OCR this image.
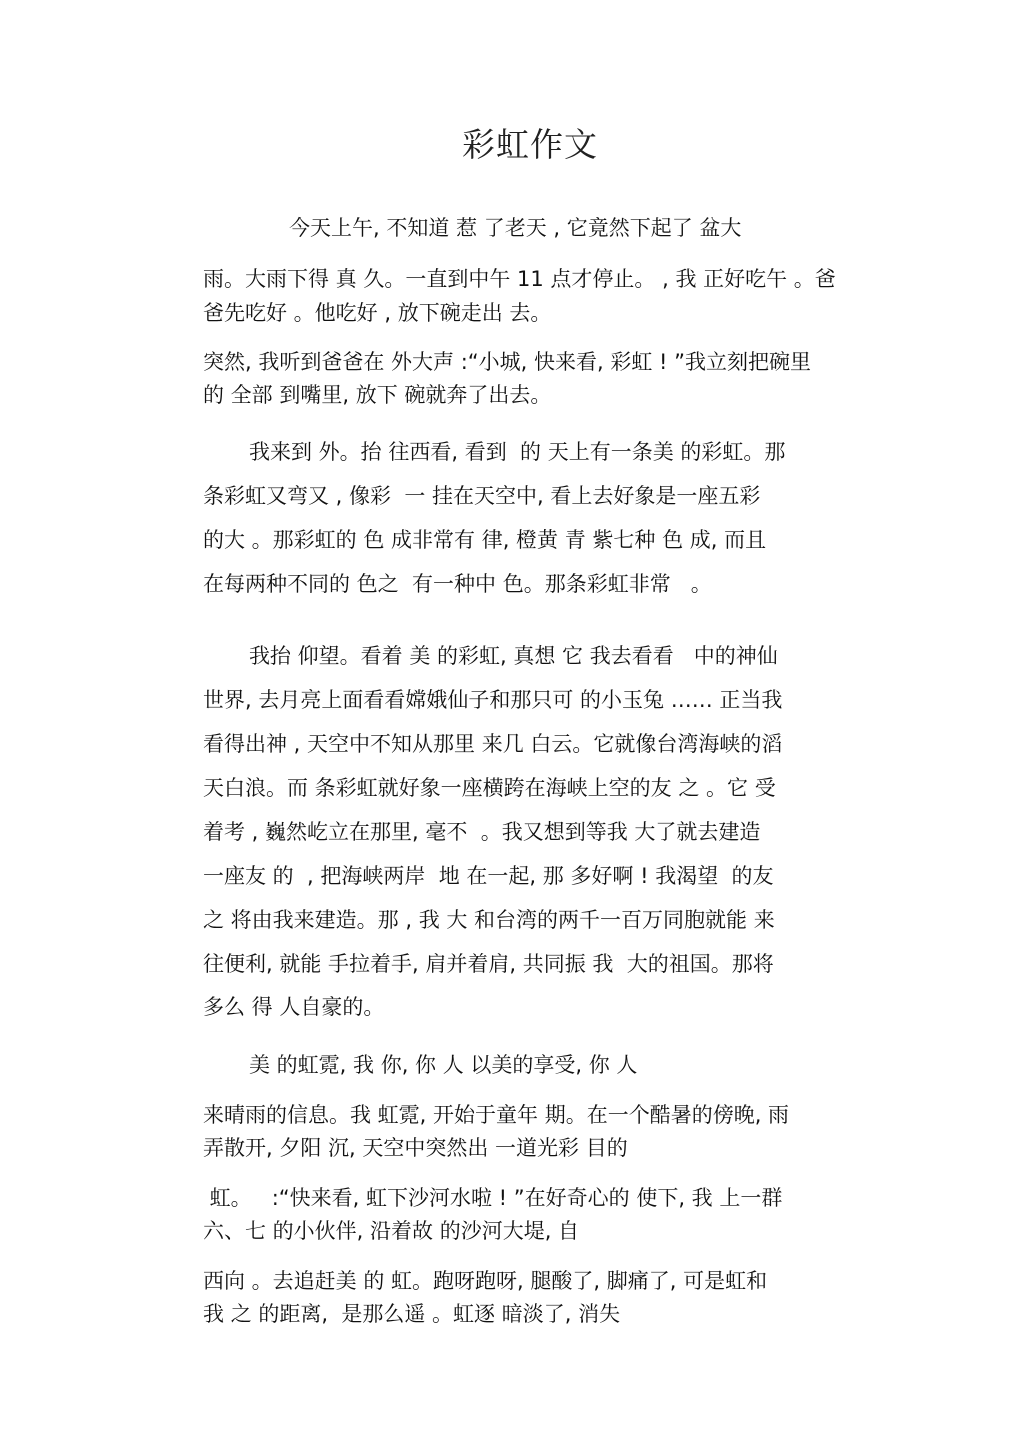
彩虹作文
今天上午, 不知道 惹 了老天 , 它竟然下起了 盆大
雨。大雨下得 真 久。一直到中午 11 点才停止。 , 我 正好吃午 。爸
爸先吃好 。他吃好 , 放下碗走出 去。
突然, 我听到爸爸在 外大声 :“小城, 快来看, 彩虹 ! ”我立刻把碗里
的 全部 到嘴里, 放下 碗就奔了出去。
我来到 外。抬 往西看, 看到  的 天上有一条美 的彩虹。那
条彩虹又弯又 , 像彩  一 挂在天空中, 看上去好象是一座五彩
的大 。那彩虹的 色 成非常有 律, 橙黄 青 紫七种 色 成, 而且
在每两种不同的 色之  有一种中 色。那条彩虹非常   。
我抬 仰望。看着 美 的彩虹, 真想 它 我去看看   中的神仙
世界, 去月亮上面看看嫦娥仙子和那只可 的小玉兔 …… 正当我
看得出神 , 天空中不知从那里 来几 白云。它就像台湾海峡的滔
天白浪。而 条彩虹就好象一座横跨在海峡上空的友 之 。它 受
着考 , 巍然屹立在那里, 毫不  。我又想到等我 大了就去建造
一座友 的  , 把海峡两岸  地 在一起, 那 多好啊 ! 我渴望  的友
之 将由我来建造。那 , 我 大 和台湾的两千一百万同胞就能 来
往便利, 就能 手拉着手, 肩并着肩, 共同振 我  大的祖国。那将
多么 得 人自豪的。
美 的虹霓, 我 你, 你 人 以美的享受, 你 人
来晴雨的信息。我 虹霓, 开始于童年 期。在一个酷暑的傍晚, 雨
弄散开, 夕阳 沉, 天空中突然出 一道光彩 目的
虹。   :“快来看, 虹下沙河水啦 ! ”在好奇心的 使下, 我 上一群
六、七 的小伙伴, 沿着故 的沙河大堤, 自
西向 。去追赶美 的 虹。跑呀跑呀, 腿酸了, 脚痛了, 可是虹和
我 之 的距离,  是那么遥 。虹逐 暗淡了, 消失
